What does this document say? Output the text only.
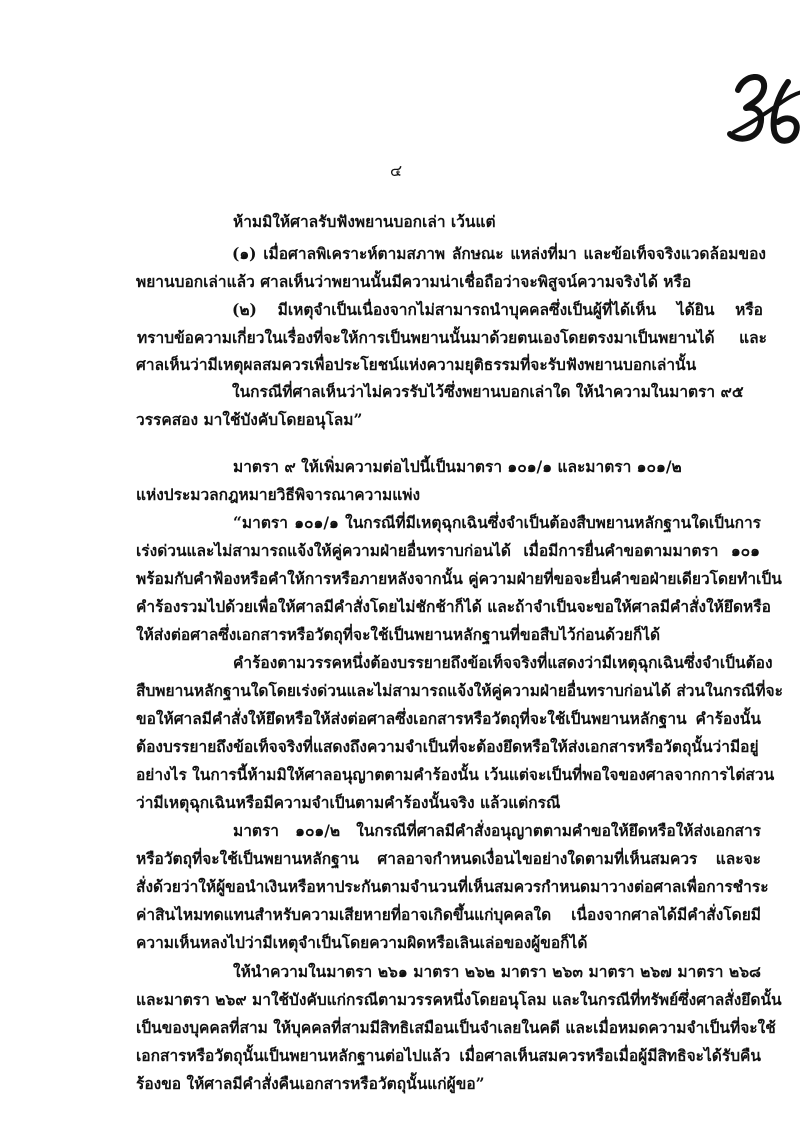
๔
ห้ามมิให้ศาลรับฟังพยานบอกเล่า เว้นแต่
(๑) เมื่อศาลพิเคราะห์ตามสภาพ ลักษณะ แหล่งที่มา และข้อเท็จจริงแวดล้อมของ
พยานบอกเล่าแล้ว ศาลเห็นว่าพยานนั้นมีความน่าเชื่อถือว่าจะพิสูจน์ความจริงได้ หรือ
(๒) มีเหตุจำเป็นเนื่องจากไม่สามารถนำบุคคลซึ่งเป็นผู้ที่ได้เห็น ได้ยิน หรือ
ทราบข้อความเกี่ยวในเรื่องที่จะให้การเป็นพยานนั้นมาด้วยตนเองโดยตรงมาเป็นพยานได้ และ
ศาลเห็นว่ามีเหตุผลสมควรเพื่อประโยชน์แห่งความยุติธรรมที่จะรับฟังพยานบอกเล่านั้น
ในกรณีที่ศาลเห็นว่าไม่ควรรับไว้ซึ่งพยานบอกเล่าใด ให้นำความในมาตรา ๙๕
วรรคสอง มาใช้บังคับโดยอนุโลม”
มาตรา ๙ ให้เพิ่มความต่อไปนี้เป็นมาตรา ๑๐๑/๑ และมาตรา ๑๐๑/๒
แห่งประมวลกฎหมายวิธีพิจารณาความแพ่ง
“มาตรา ๑๐๑/๑ ในกรณีที่มีเหตุฉุกเฉินซึ่งจำเป็นต้องสืบพยานหลักฐานใดเป็นการ
เร่งด่วนและไม่สามารถแจ้งให้คู่ความฝ่ายอื่นทราบก่อนได้ เมื่อมีการยื่นคำขอตามมาตรา ๑๐๑
พร้อมกับคำฟ้องหรือคำให้การหรือภายหลังจากนั้น คู่ความฝ่ายที่ขอจะยื่นคำขอฝ่ายเดียวโดยทำเป็น
คำร้องรวมไปด้วยเพื่อให้ศาลมีคำสั่งโดยไม่ชักช้าก็ได้ และถ้าจำเป็นจะขอให้ศาลมีคำสั่งให้ยึดหรือ
ให้ส่งต่อศาลซึ่งเอกสารหรือวัตถุที่จะใช้เป็นพยานหลักฐานที่ขอสืบไว้ก่อนด้วยก็ได้
คำร้องตามวรรคหนึ่งต้องบรรยายถึงข้อเท็จจริงที่แสดงว่ามีเหตุฉุกเฉินซึ่งจำเป็นต้อง
สืบพยานหลักฐานใดโดยเร่งด่วนและไม่สามารถแจ้งให้คู่ความฝ่ายอื่นทราบก่อนได้ ส่วนในกรณีที่จะ
ขอให้ศาลมีคำสั่งให้ยึดหรือให้ส่งต่อศาลซึ่งเอกสารหรือวัตถุที่จะใช้เป็นพยานหลักฐาน คำร้องนั้น
ต้องบรรยายถึงข้อเท็จจริงที่แสดงถึงความจำเป็นที่จะต้องยึดหรือให้ส่งเอกสารหรือวัตถุนั้นว่ามีอยู่
อย่างไร ในการนี้ห้ามมิให้ศาลอนุญาตตามคำร้องนั้น เว้นแต่จะเป็นที่พอใจของศาลจากการไต่สวน
ว่ามีเหตุฉุกเฉินหรือมีความจำเป็นตามคำร้องนั้นจริง แล้วแต่กรณี
มาตรา ๑๐๑/๒ ในกรณีที่ศาลมีคำสั่งอนุญาตตามคำขอให้ยึดหรือให้ส่งเอกสาร
หรือวัตถุที่จะใช้เป็นพยานหลักฐาน ศาลอาจกำหนดเงื่อนไขอย่างใดตามที่เห็นสมควร และจะ
สั่งด้วยว่าให้ผู้ขอนำเงินหรือหาประกันตามจำนวนที่เห็นสมควรกำหนดมาวางต่อศาลเพื่อการชำระ
ค่าสินไหมทดแทนสำหรับความเสียหายที่อาจเกิดขึ้นแก่บุคคลใด เนื่องจากศาลได้มีคำสั่งโดยมี
ความเห็นหลงไปว่ามีเหตุจำเป็นโดยความผิดหรือเลินเล่อของผู้ขอก็ได้
ให้นำความในมาตรา ๒๖๑ มาตรา ๒๖๒ มาตรา ๒๖๓ มาตรา ๒๖๗ มาตรา ๒๖๘
และมาตรา ๒๖๙ มาใช้บังคับแก่กรณีตามวรรคหนึ่งโดยอนุโลม และในกรณีที่ทรัพย์ซึ่งศาลสั่งยึดนั้น
เป็นของบุคคลที่สาม ให้บุคคลที่สามมีสิทธิเสมือนเป็นจำเลยในคดี และเมื่อหมดความจำเป็นที่จะใช้
เอกสารหรือวัตถุนั้นเป็นพยานหลักฐานต่อไปแล้ว เมื่อศาลเห็นสมควรหรือเมื่อผู้มีสิทธิจะได้รับคืน
ร้องขอ ให้ศาลมีคำสั่งคืนเอกสารหรือวัตถุนั้นแก่ผู้ขอ”
